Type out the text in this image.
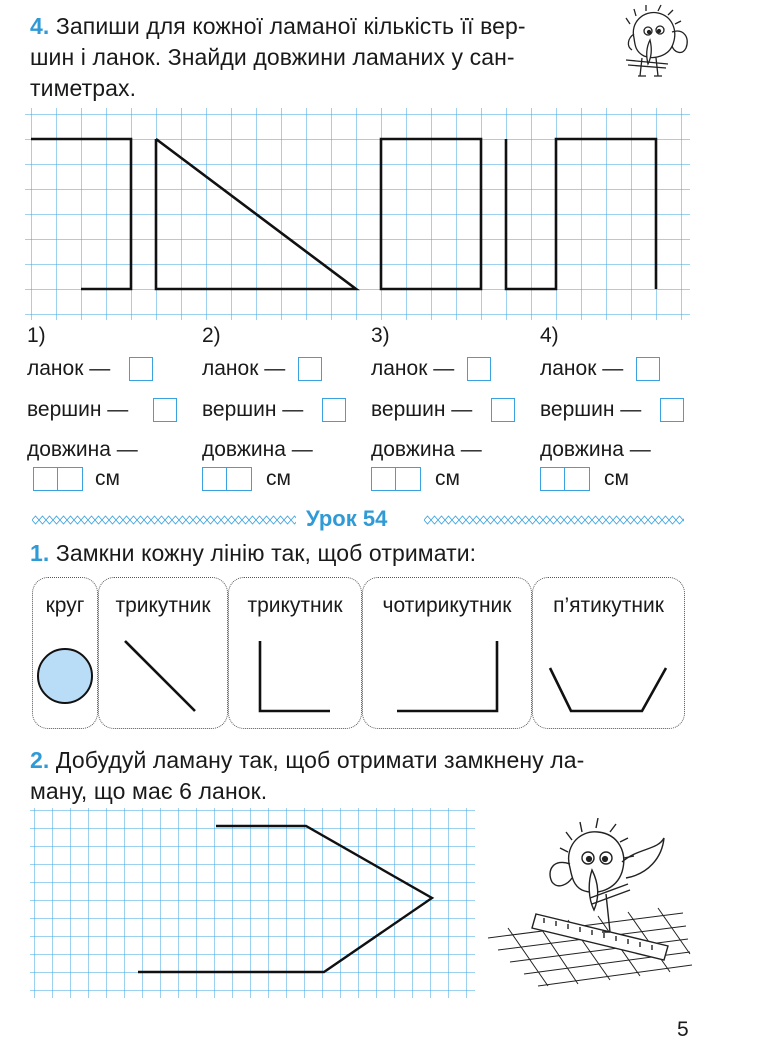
4. Запиши для кожної ламаної кількість її вер-
шин і ланок. Знайди довжини ламаних у сан-
тиметрах.
1)
ланок —
вершин —
довжина —
см
2)
ланок —
вершин —
довжина —
см
3)
ланок —
вершин —
довжина —
см
4)
ланок —
вершин —
довжина —
см
Урок 54
1. Замкни кожну лінію так, щоб отримати:
круг	трикутник	трикутник	чотирикутник	п’ятикутник
2. Добудуй ламану так, щоб отримати замкнену ла-
ману, що має 6 ланок.
5
